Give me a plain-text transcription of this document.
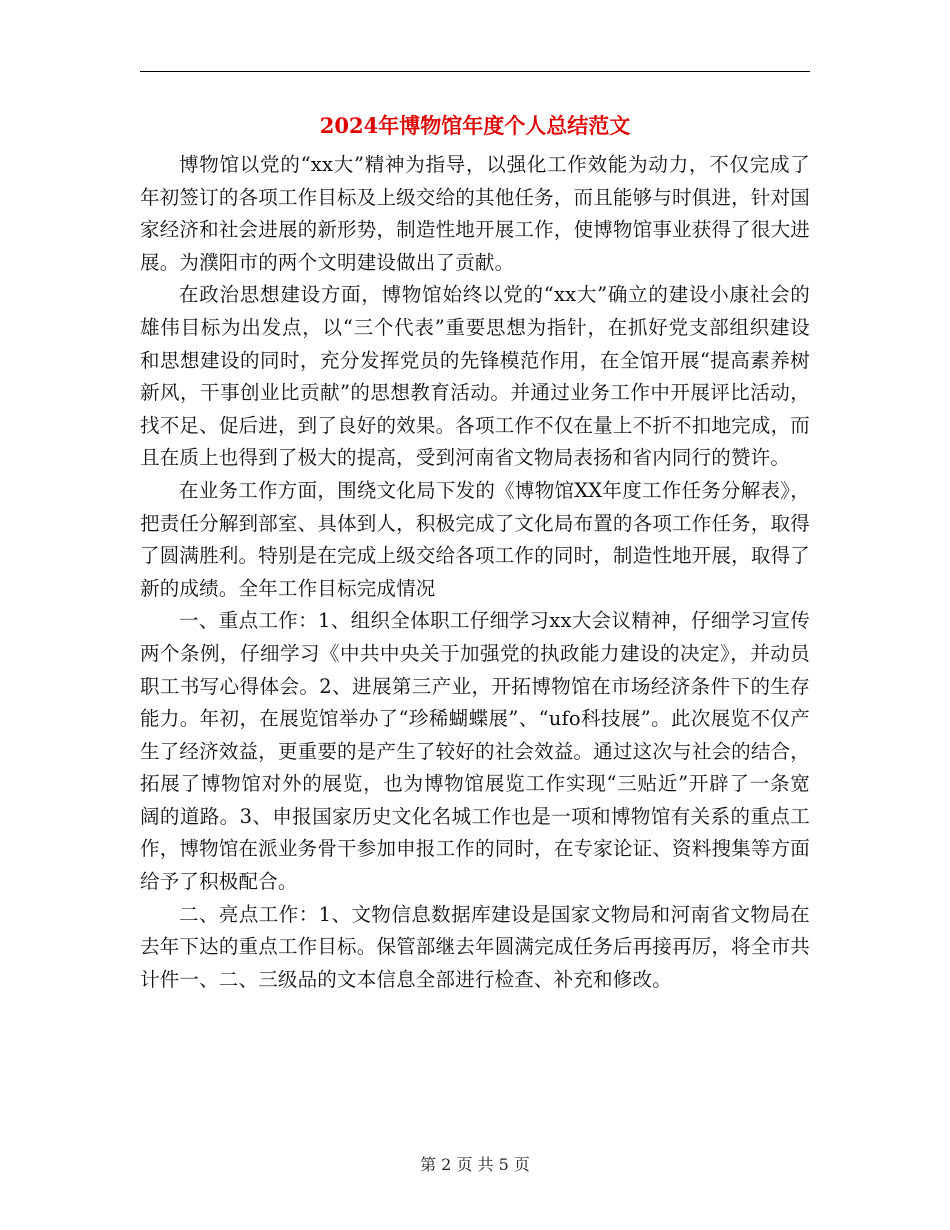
2024年博物馆年度个人总结范文

博物馆以党的“xx大”精神为指导，以强化工作效能为动力，不仅完成了年初签订的各项工作目标及上级交给的其他任务，而且能够与时俱进，针对国家经济和社会进展的新形势，制造性地开展工作，使博物馆事业获得了很大进展。为濮阳市的两个文明建设做出了贡献。

在政治思想建设方面，博物馆始终以党的“xx大”确立的建设小康社会的雄伟目标为出发点，以“三个代表”重要思想为指针，在抓好党支部组织建设和思想建设的同时，充分发挥党员的先锋模范作用，在全馆开展“提高素养树新风，干事创业比贡献”的思想教育活动。并通过业务工作中开展评比活动，找不足、促后进，到了良好的效果。各项工作不仅在量上不折不扣地完成，而且在质上也得到了极大的提高，受到河南省文物局表扬和省内同行的赞许。

在业务工作方面，围绕文化局下发的《博物馆XX年度工作任务分解表》，把责任分解到部室、具体到人，积极完成了文化局布置的各项工作任务，取得了圆满胜利。特别是在完成上级交给各项工作的同时，制造性地开展，取得了新的成绩。全年工作目标完成情况

一、重点工作：1、组织全体职工仔细学习xx大会议精神，仔细学习宣传两个条例，仔细学习《中共中央关于加强党的执政能力建设的决定》，并动员职工书写心得体会。2、进展第三产业，开拓博物馆在市场经济条件下的生存能力。年初，在展览馆举办了“珍稀蝴蝶展”、“ufo科技展”。此次展览不仅产生了经济效益，更重要的是产生了较好的社会效益。通过这次与社会的结合，拓展了博物馆对外的展览，也为博物馆展览工作实现“三贴近”开辟了一条宽阔的道路。3、申报国家历史文化名城工作也是一项和博物馆有关系的重点工作，博物馆在派业务骨干参加申报工作的同时，在专家论证、资料搜集等方面给予了积极配合。

二、亮点工作：1、文物信息数据库建设是国家文物局和河南省文物局在去年下达的重点工作目标。保管部继去年圆满完成任务后再接再厉，将全市共计件一、二、三级品的文本信息全部进行检查、补充和修改。

第 2 页 共 5 页
